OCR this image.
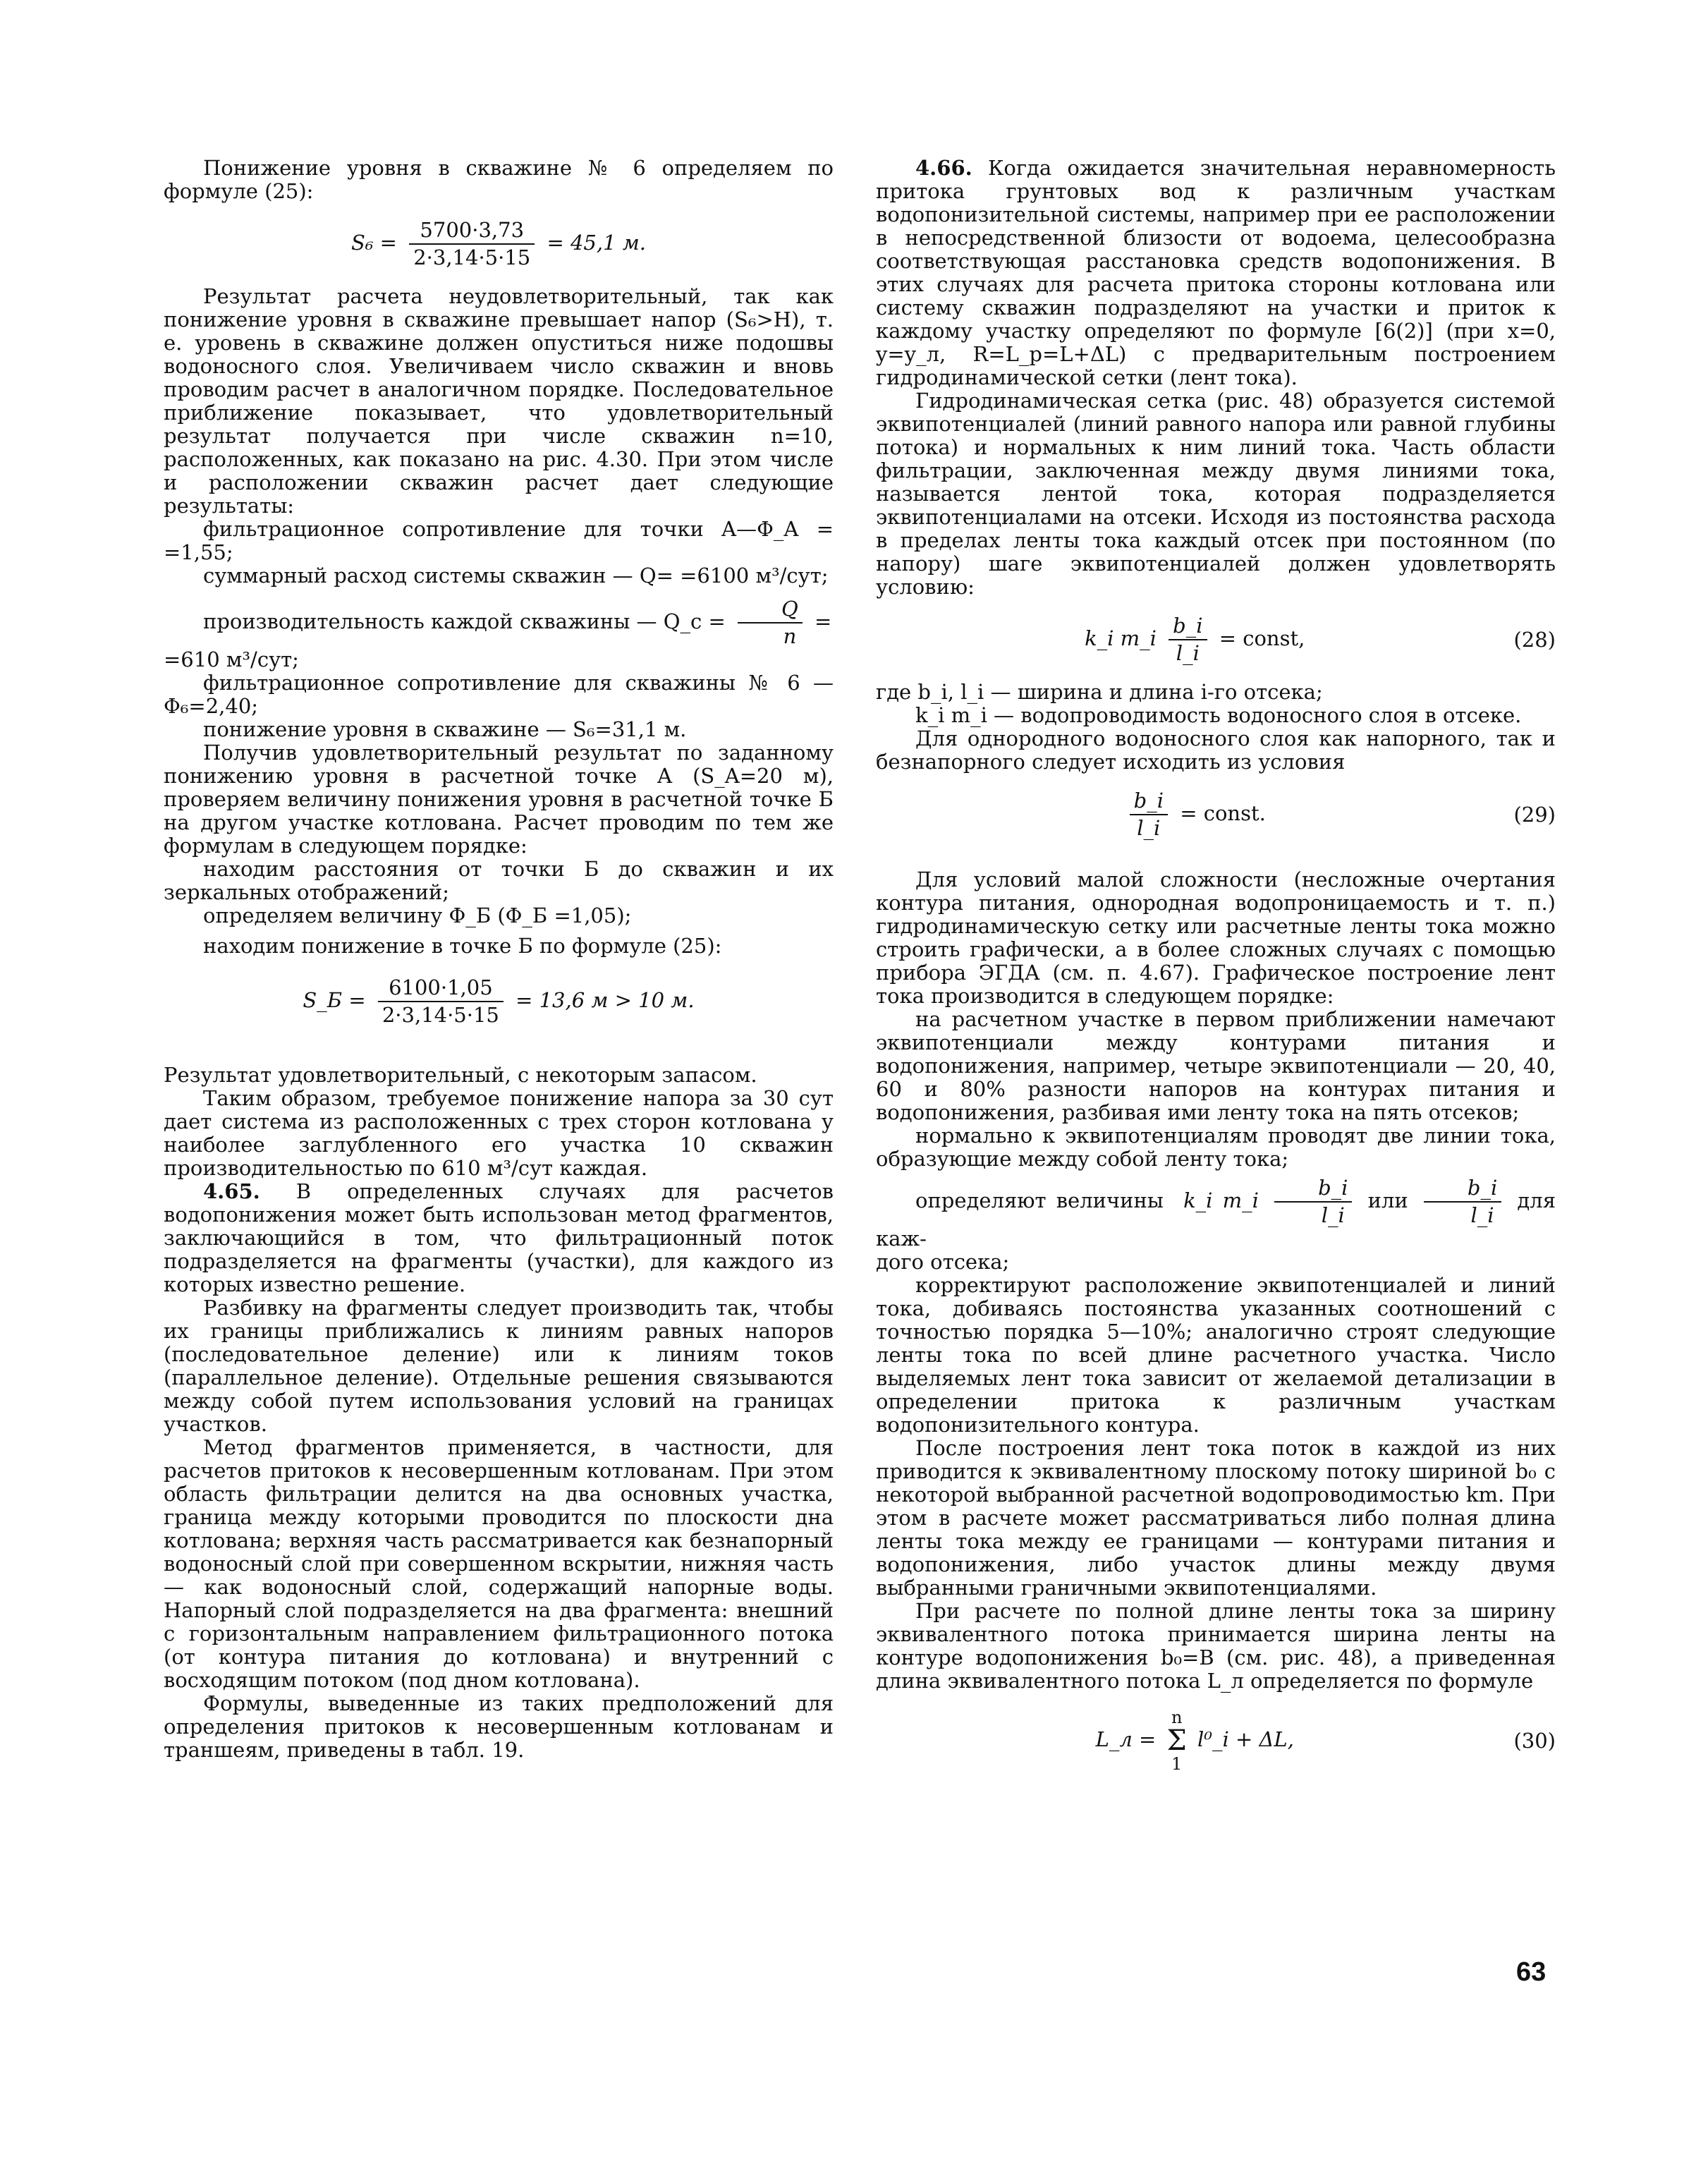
Понижение уровня в скважине № 6 определяем по формуле (25):

$S_6 = \frac{5700\cdot 3,73}{2\cdot 3,14\cdot 5\cdot 15} = 45,1$ м.

Результат расчета неудовлетворительный, так как понижение уровня в скважине превышает напор (S₆>H), т. е. уровень в скважине должен опуститься ниже подошвы водоносного слоя. Увеличиваем число скважин и вновь проводим расчет в аналогичном порядке. Последовательное приближение показывает, что удовлетворительный результат получается при числе скважин n=10, расположенных, как показано на рис. 4.30. При этом числе и расположении скважин расчет дает следующие результаты:

фильтрационное сопротивление для точки A—Φ_A = =1,55;

суммарный расход системы скважин — Q= =6100 м³/сут;

производительность каждой скважины — Q_c = $\frac{Q}{n}$ =

=610 м³/сут;

фильтрационное сопротивление для скважины № 6 — Φ₆=2,40;

понижение уровня в скважине — S₆=31,1 м.

Получив удовлетворительный результат по заданному понижению уровня в расчетной точке A (S_A=20 м), проверяем величину понижения уровня в расчетной точке Б на другом участке котлована. Расчет проводим по тем же формулам в следующем порядке:

находим расстояния от точки Б до скважин и их зеркальных отображений;

определяем величину Φ_Б (Φ_Б =1,05);

находим понижение в точке Б по формуле (25):

S_Б = $\frac{6100\cdot 1,05}{2\cdot 3,14\cdot 5\cdot 15} = 13,6$ м > 10 м.

Результат удовлетворительный, с некоторым запасом.

Таким образом, требуемое понижение напора за 30 сут дает система из расположенных с трех сторон котлована у наиболее заглубленного его участка 10 скважин производительностью по 610 м³/сут каждая.

4.65. В определенных случаях для расчетов водопонижения может быть использован метод фрагментов, заключающийся в том, что фильтрационный поток подразделяется на фрагменты (участки), для каждого из которых известно решение.

Разбивку на фрагменты следует производить так, чтобы их границы приближались к линиям равных напоров (последовательное деление) или к линиям токов (параллельное деление). Отдельные решения связываются между собой путем использования условий на границах участков.

Метод фрагментов применяется, в частности, для расчетов притоков к несовершенным котлованам. При этом область фильтрации делится на два основных участка, граница между которыми проводится по плоскости дна котлована; верхняя часть рассматривается как безнапорный водоносный слой при совершенном вскрытии, нижняя часть — как водоносный слой, содержащий напорные воды. Напорный слой подразделяется на два фрагмента: внешний с горизонтальным направлением фильтрационного потока (от контура питания до котлована) и внутренний с восходящим потоком (под дном котлована).

Формулы, выведенные из таких предположений для определения притоков к несовершенным котлованам и траншеям, приведены в табл. 19.

4.66. Когда ожидается значительная неравномерность притока грунтовых вод к различным участкам водопонизительной системы, например при ее расположении в непосредственной близости от водоема, целесообразна соответствующая расстановка средств водопонижения. В этих случаях для расчета притока стороны котлована или систему скважин подразделяют на участки и приток к каждому участку определяют по формуле [6(2)] (при x=0, y=y_л, R=L_р=L+ΔL) с предварительным построением гидродинамической сетки (лент тока).

Гидродинамическая сетка (рис. 48) образуется системой эквипотенциалей (линий равного напора или равной глубины потока) и нормальных к ним линий тока. Часть области фильтрации, заключенная между двумя линиями тока, называется лентой тока, которая подразделяется эквипотенциалами на отсеки. Исходя из постоянства расхода в пределах ленты тока каждый отсек при постоянном (по напору) шаге эквипотенциалей должен удовлетворять условию:

k_i m_i $\frac{b\_i}{l\_i}$ = const,	(28)

где b_i, l_i — ширина и длина i-го отсека;

k_i m_i — водопроводимость водоносного слоя в отсеке.

Для однородного водоносного слоя как напорного, так и безнапорного следует исходить из условия

$\frac{b\_i}{l\_i}$ = const.	(29)

Для условий малой сложности (несложные очертания контура питания, однородная водопроницаемость и т. п.) гидродинамическую сетку или расчетные ленты тока можно строить графически, а в более сложных случаях с помощью прибора ЭГДА (см. п. 4.67). Графическое построение лент тока производится в следующем порядке:

на расчетном участке в первом приближении намечают эквипотенциали между контурами питания и водопонижения, например, четыре эквипотенциали — 20, 40, 60 и 80% разности напоров на контурах питания и водопонижения, разбивая ими ленту тока на пять отсеков;

нормально к эквипотенциалям проводят две линии тока, образующие между собой ленту тока;

определяют величины k_i m_i $\frac{b\_i}{l\_i}$ или $\frac{b\_i}{l\_i}$ для каж-

дого отсека;

корректируют расположение эквипотенциалей и линий тока, добиваясь постоянства указанных соотношений с точностью порядка 5—10%; аналогично строят следующие ленты тока по всей длине расчетного участка. Число выделяемых лент тока зависит от желаемой детализации в определении притока к различным участкам водопонизительного контура.

После построения лент тока поток в каждой из них приводится к эквивалентному плоскому потоку шириной b₀ с некоторой выбранной расчетной водопроводимостью km. При этом в расчете может рассматриваться либо полная длина ленты тока между ее границами — контурами питания и водопонижения, либо участок длины между двумя выбранными граничными эквипотенциалями.

При расчете по полной длине ленты тока за ширину эквивалентного потока принимается ширина ленты на контуре водопонижения b₀=B (см. рис. 48), а приведенная длина эквивалентного потока L_л определяется по формуле

L_л =
n
Σ
1
l⁰_i + ΔL,	(30)
63
